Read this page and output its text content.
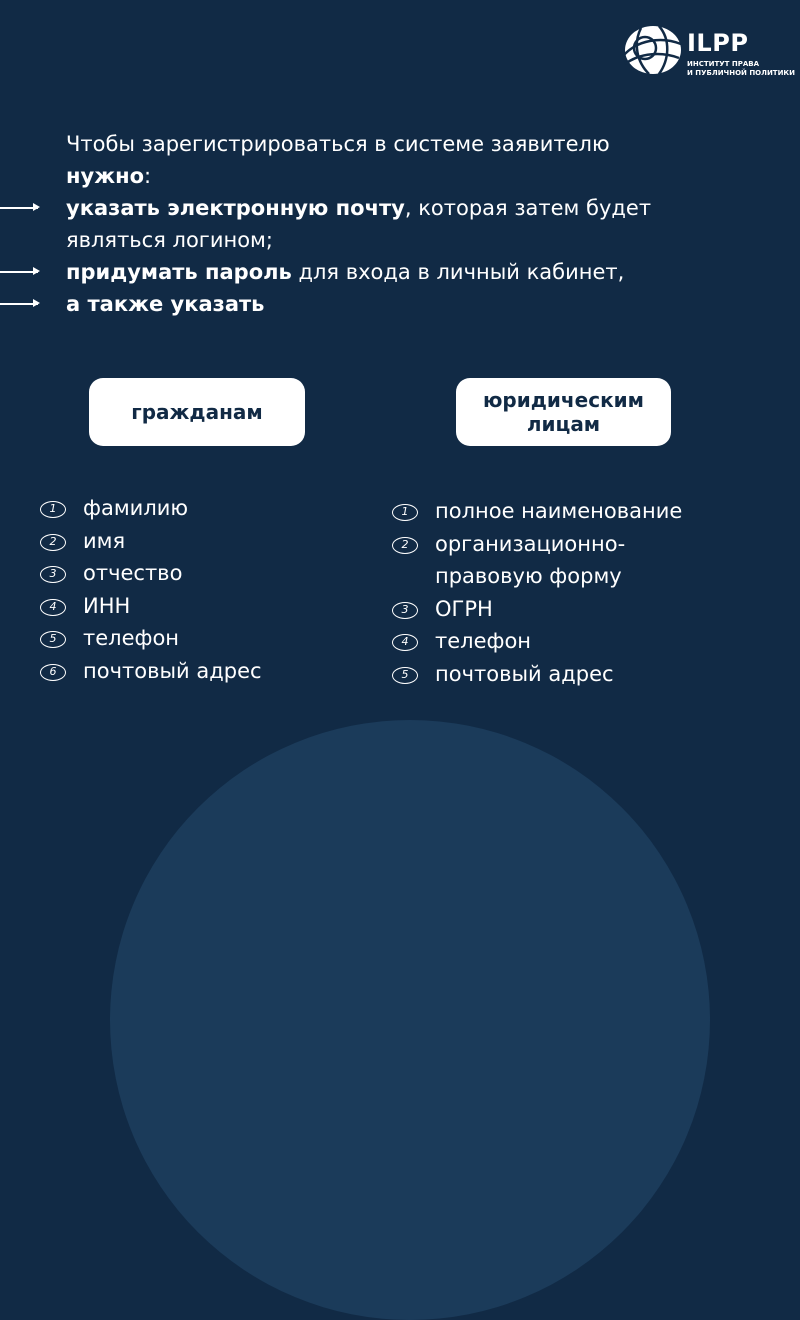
ILPP
ИНСТИТУТ ПРАВА
И ПУБЛИЧНОЙ ПОЛИТИКИ

Чтобы зарегистрироваться в системе заявителю

нужно:

указать электронную почту, которая затем будет

являться логином;

придумать пароль для входа в личный кабинет,

а также указать

гражданам	юридическим
лицам
1	фамилию
2	имя
3	отчество
4	ИНН
5	телефон
6	почтовый адрес
1	полное наименование
2	организационно-
правовую форму
3	ОГРН
4	телефон
5	почтовый адрес
